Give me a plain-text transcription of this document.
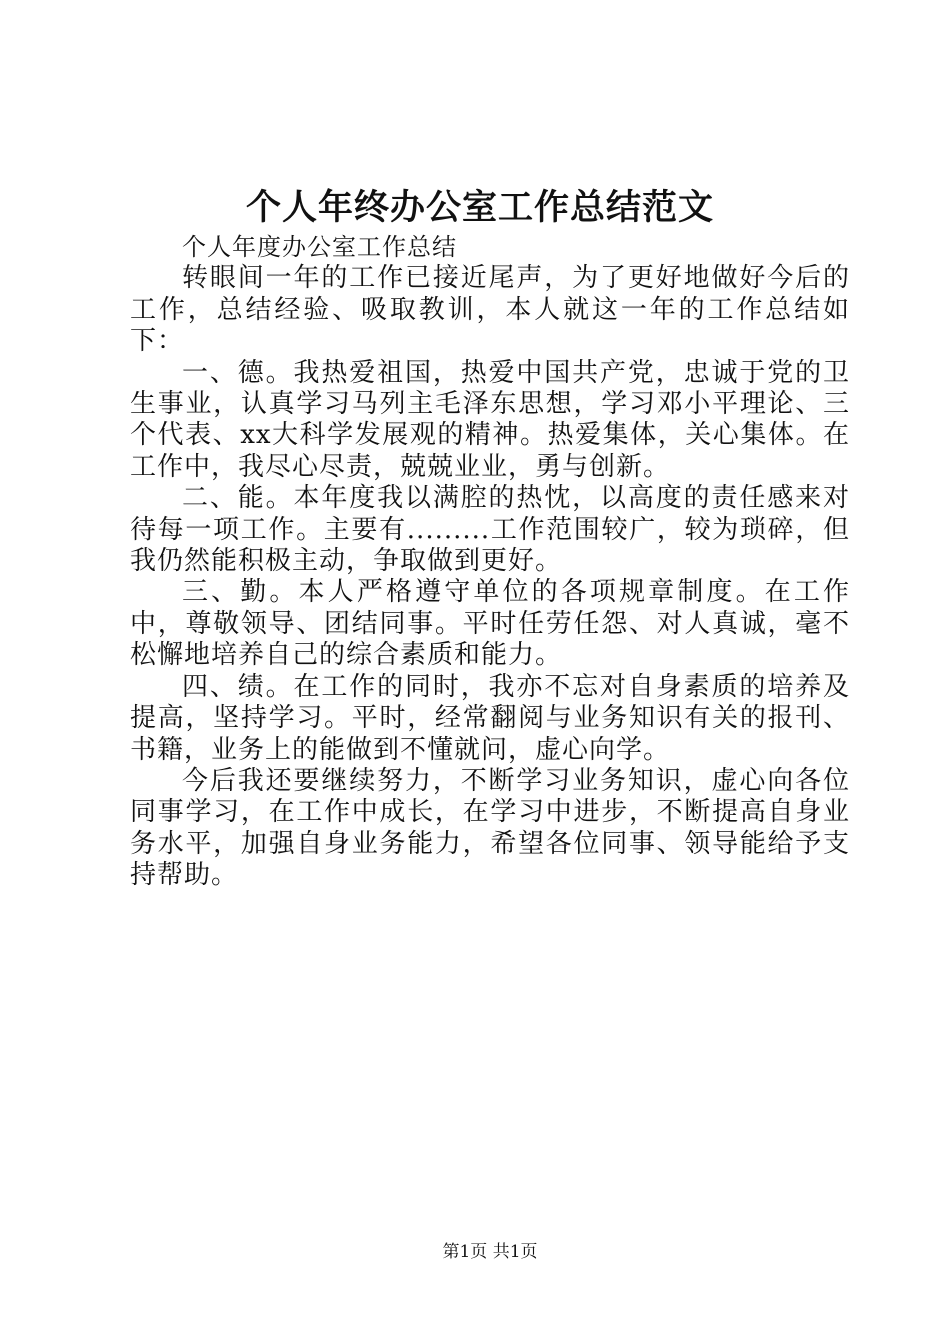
个人年终办公室工作总结范文

个人年度办公室工作总结

转眼间一年的工作已接近尾声，为了更好地做好今后的工作，总结经验、吸取教训，本人就这一年的工作总结如下：

一、德。我热爱祖国，热爱中国共产党，忠诚于党的卫生事业，认真学习马列主毛泽东思想，学习邓小平理论、三个代表、xx大科学发展观的精神。热爱集体，关心集体。在工作中，我尽心尽责，兢兢业业，勇与创新。

二、能。本年度我以满腔的热忱，以高度的责任感来对待每一项工作。主要有.........工作范围较广，较为琐碎，但我仍然能积极主动，争取做到更好。

三、勤。本人严格遵守单位的各项规章制度。在工作中，尊敬领导、团结同事。平时任劳任怨、对人真诚，毫不松懈地培养自己的综合素质和能力。

四、绩。在工作的同时，我亦不忘对自身素质的培养及提高，坚持学习。平时，经常翻阅与业务知识有关的报刊、书籍，业务上的能做到不懂就问，虚心向学。

今后我还要继续努力，不断学习业务知识，虚心向各位同事学习，在工作中成长，在学习中进步，不断提高自身业务水平，加强自身业务能力，希望各位同事、领导能给予支持帮助。

第1页 共1页
